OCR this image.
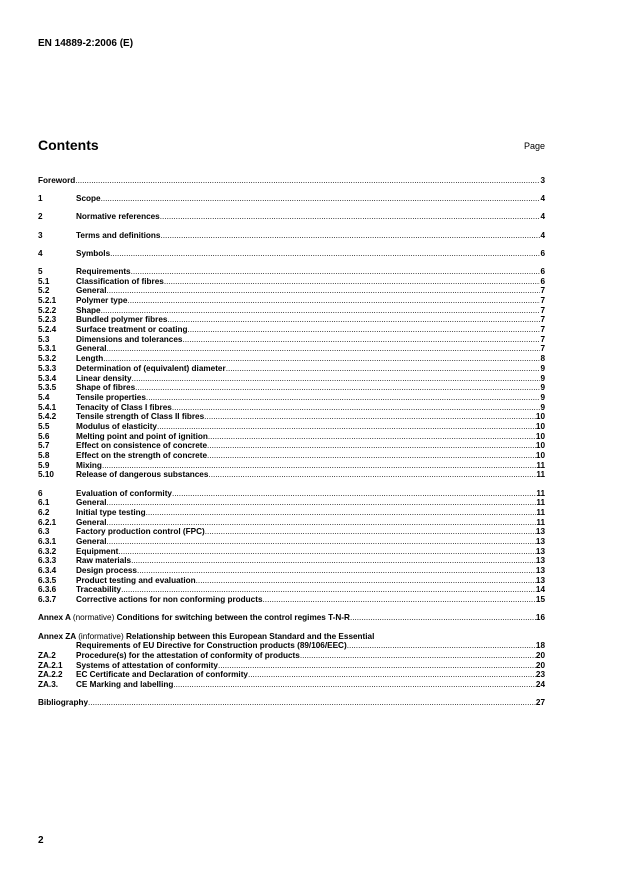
EN 14889-2:2006 (E)
Contents	Page
Foreword .....	3
1	Scope .....	4
2	Normative references .....	4
3	Terms and definitions .....	4
4	Symbols .....	6
5	Requirements .....	6
5.1	Classification of fibres .....	6
5.2	General .....	7
5.2.1	Polymer type .....	7
5.2.2	Shape .....	7
5.2.3	Bundled polymer fibres .....	7
5.2.4	Surface treatment or coating .....	7
5.3	Dimensions and tolerances .....	7
5.3.1	General .....	7
5.3.2	Length .....	8
5.3.3	Determination of (equivalent) diameter .....	9
5.3.4	Linear density .....	9
5.3.5	Shape of fibres .....	9
5.4	Tensile properties .....	9
5.4.1	Tenacity of Class I fibres .....	9
5.4.2	Tensile strength of Class II fibres .....	10
5.5	Modulus of elasticity .....	10
5.6	Melting point and point of ignition .....	10
5.7	Effect on consistence of concrete .....	10
5.8	Effect on the strength of concrete .....	10
5.9	Mixing .....	11
5.10	Release of dangerous substances .....	11
6	Evaluation of conformity .....	11
6.1	General .....	11
6.2	Initial type testing .....	11
6.2.1	General .....	11
6.3	Factory production control (FPC) .....	13
6.3.1	General .....	13
6.3.2	Equipment .....	13
6.3.3	Raw materials .....	13
6.3.4	Design process .....	13
6.3.5	Product testing and evaluation .....	13
6.3.6	Traceability .....	14
6.3.7	Corrective actions for non conforming products .....	15
Annex A (normative) Conditions for switching between the control regimes T-N-R .....	16
Annex ZA (informative) Relationship between this European Standard and the Essential
Requirements of EU Directive for Construction products (89/106/EEC) .....	18
ZA.2	Procedure(s) for the attestation of conformity of products .....	20
ZA.2.1	Systems of attestation of conformity .....	20
ZA.2.2	EC Certificate and Declaration of conformity .....	23
ZA.3.	CE Marking and labelling .....	24
Bibliography .....	27
2
